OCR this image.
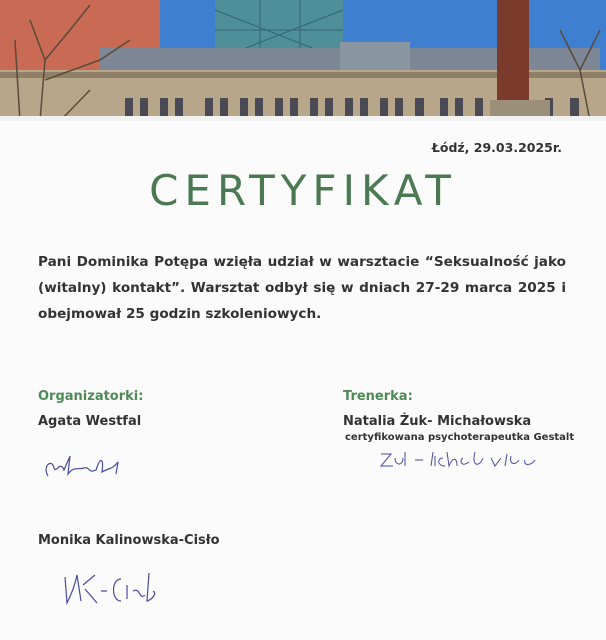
Łódź, 29.03.2025r.
CERTYFIKAT
Pani Dominika Potępa wzięła udział w warsztacie “Seksualność jako (witalny) kontakt”. Warsztat odbył się w dniach 27-29 marca 2025 i obejmował 25 godzin szkoleniowych.
Organizatorki:
Agata Westfal
Monika Kalinowska-Cisło
Trenerka:
Natalia Żuk- Michałowska
certyfikowana psychoterapeutka Gestalt
